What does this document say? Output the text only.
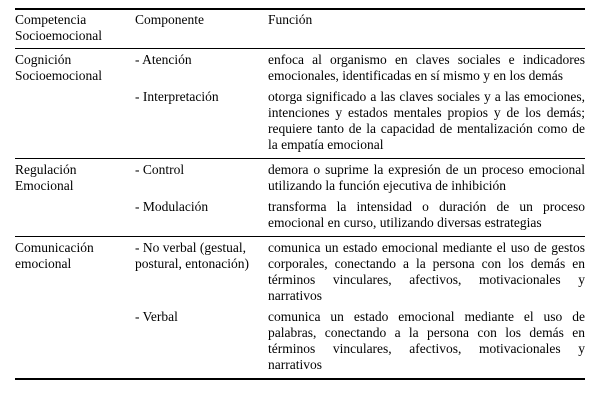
Competencia Socioemocional	Componente	Función
Cognición Socioemocional	- Atención	enfoca al organismo en claves sociales e indicadores emocionales, identificadas en sí mismo y en los demás
	- Interpretación	otorga significado a las claves sociales y a las emociones, intenciones y estados mentales propios y de los demás; requiere tanto de la capacidad de mentalización como de la empatía emocional
Regulación Emocional	- Control	demora o suprime la expresión de un proceso emocional utilizando la función ejecutiva de inhibición
	- Modulación	transforma la intensidad o duración de un proceso emocional en curso, utilizando diversas estrategias
Comunicación emocional	- No verbal (gestual, postural, entonación)	comunica un estado emocional mediante el uso de gestos corporales, conectando a la persona con los demás en términos vinculares, afectivos, motivacionales y narrativos
	- Verbal	comunica un estado emocional mediante el uso de palabras, conectando a la persona con los demás en términos vinculares, afectivos, motivacionales y narrativos
